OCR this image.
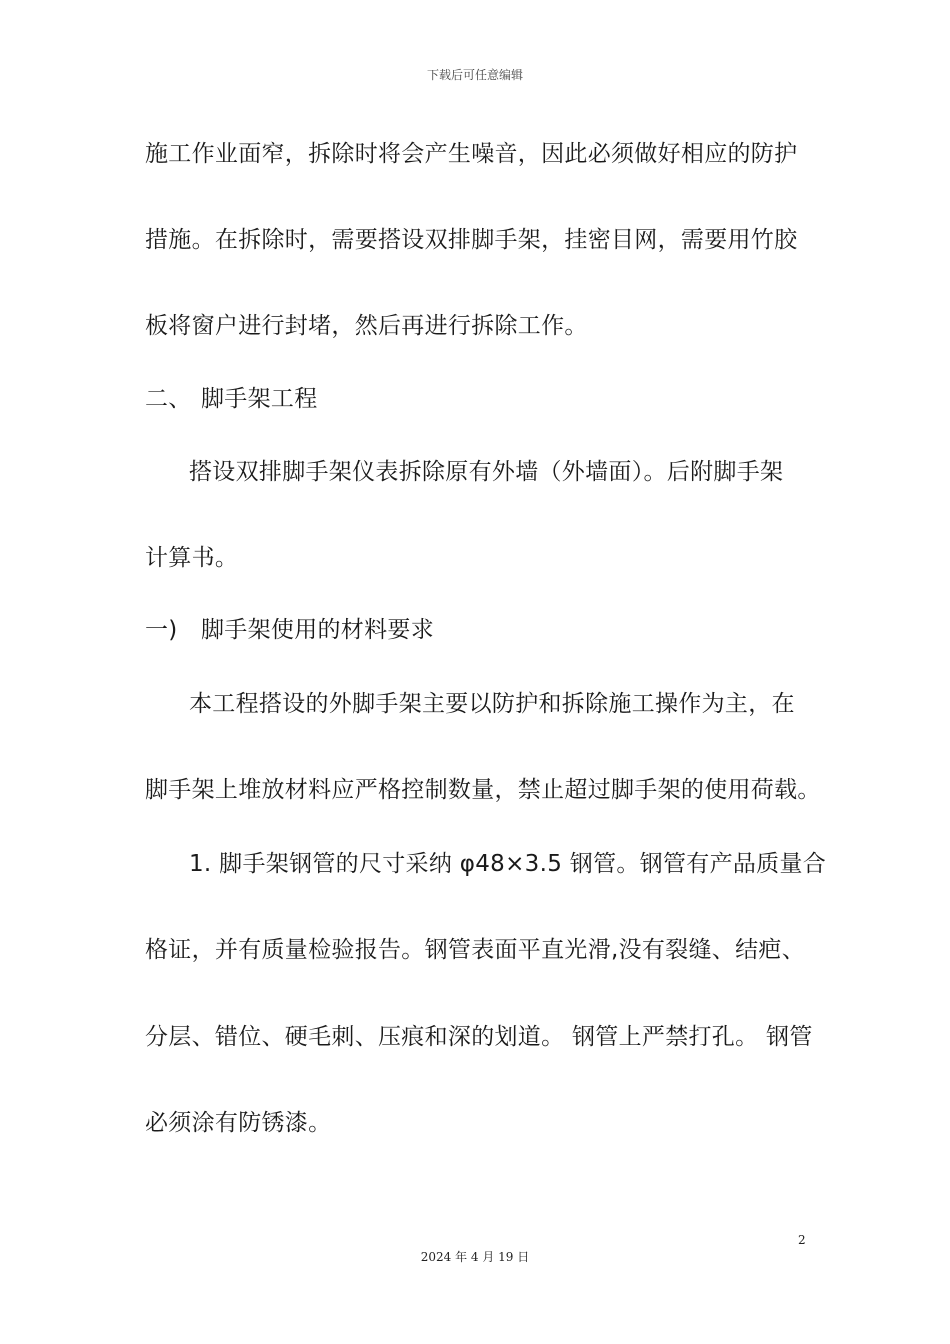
下载后可任意编辑
施工作业面窄，拆除时将会产生噪音，因此必须做好相应的防护
措施。在拆除时，需要搭设双排脚手架，挂密目网，需要用竹胶
板将窗户进行封堵，然后再进行拆除工作。
二、 脚手架工程
搭设双排脚手架仪表拆除原有外墙（外墙面）。后附脚手架
计算书。
一) 脚手架使用的材料要求
本工程搭设的外脚手架主要以防护和拆除施工操作为主，在
脚手架上堆放材料应严格控制数量，禁止超过脚手架的使用荷载。
1. 脚手架钢管的尺寸采纳 φ48×3.5 钢管。钢管有产品质量合
格证，并有质量检验报告。钢管表面平直光滑,没有裂缝、结疤、
分层、错位、硬毛刺、压痕和深的划道。 钢管上严禁打孔。 钢管
必须涂有防锈漆。
2
2024 年 4 月 19 日
